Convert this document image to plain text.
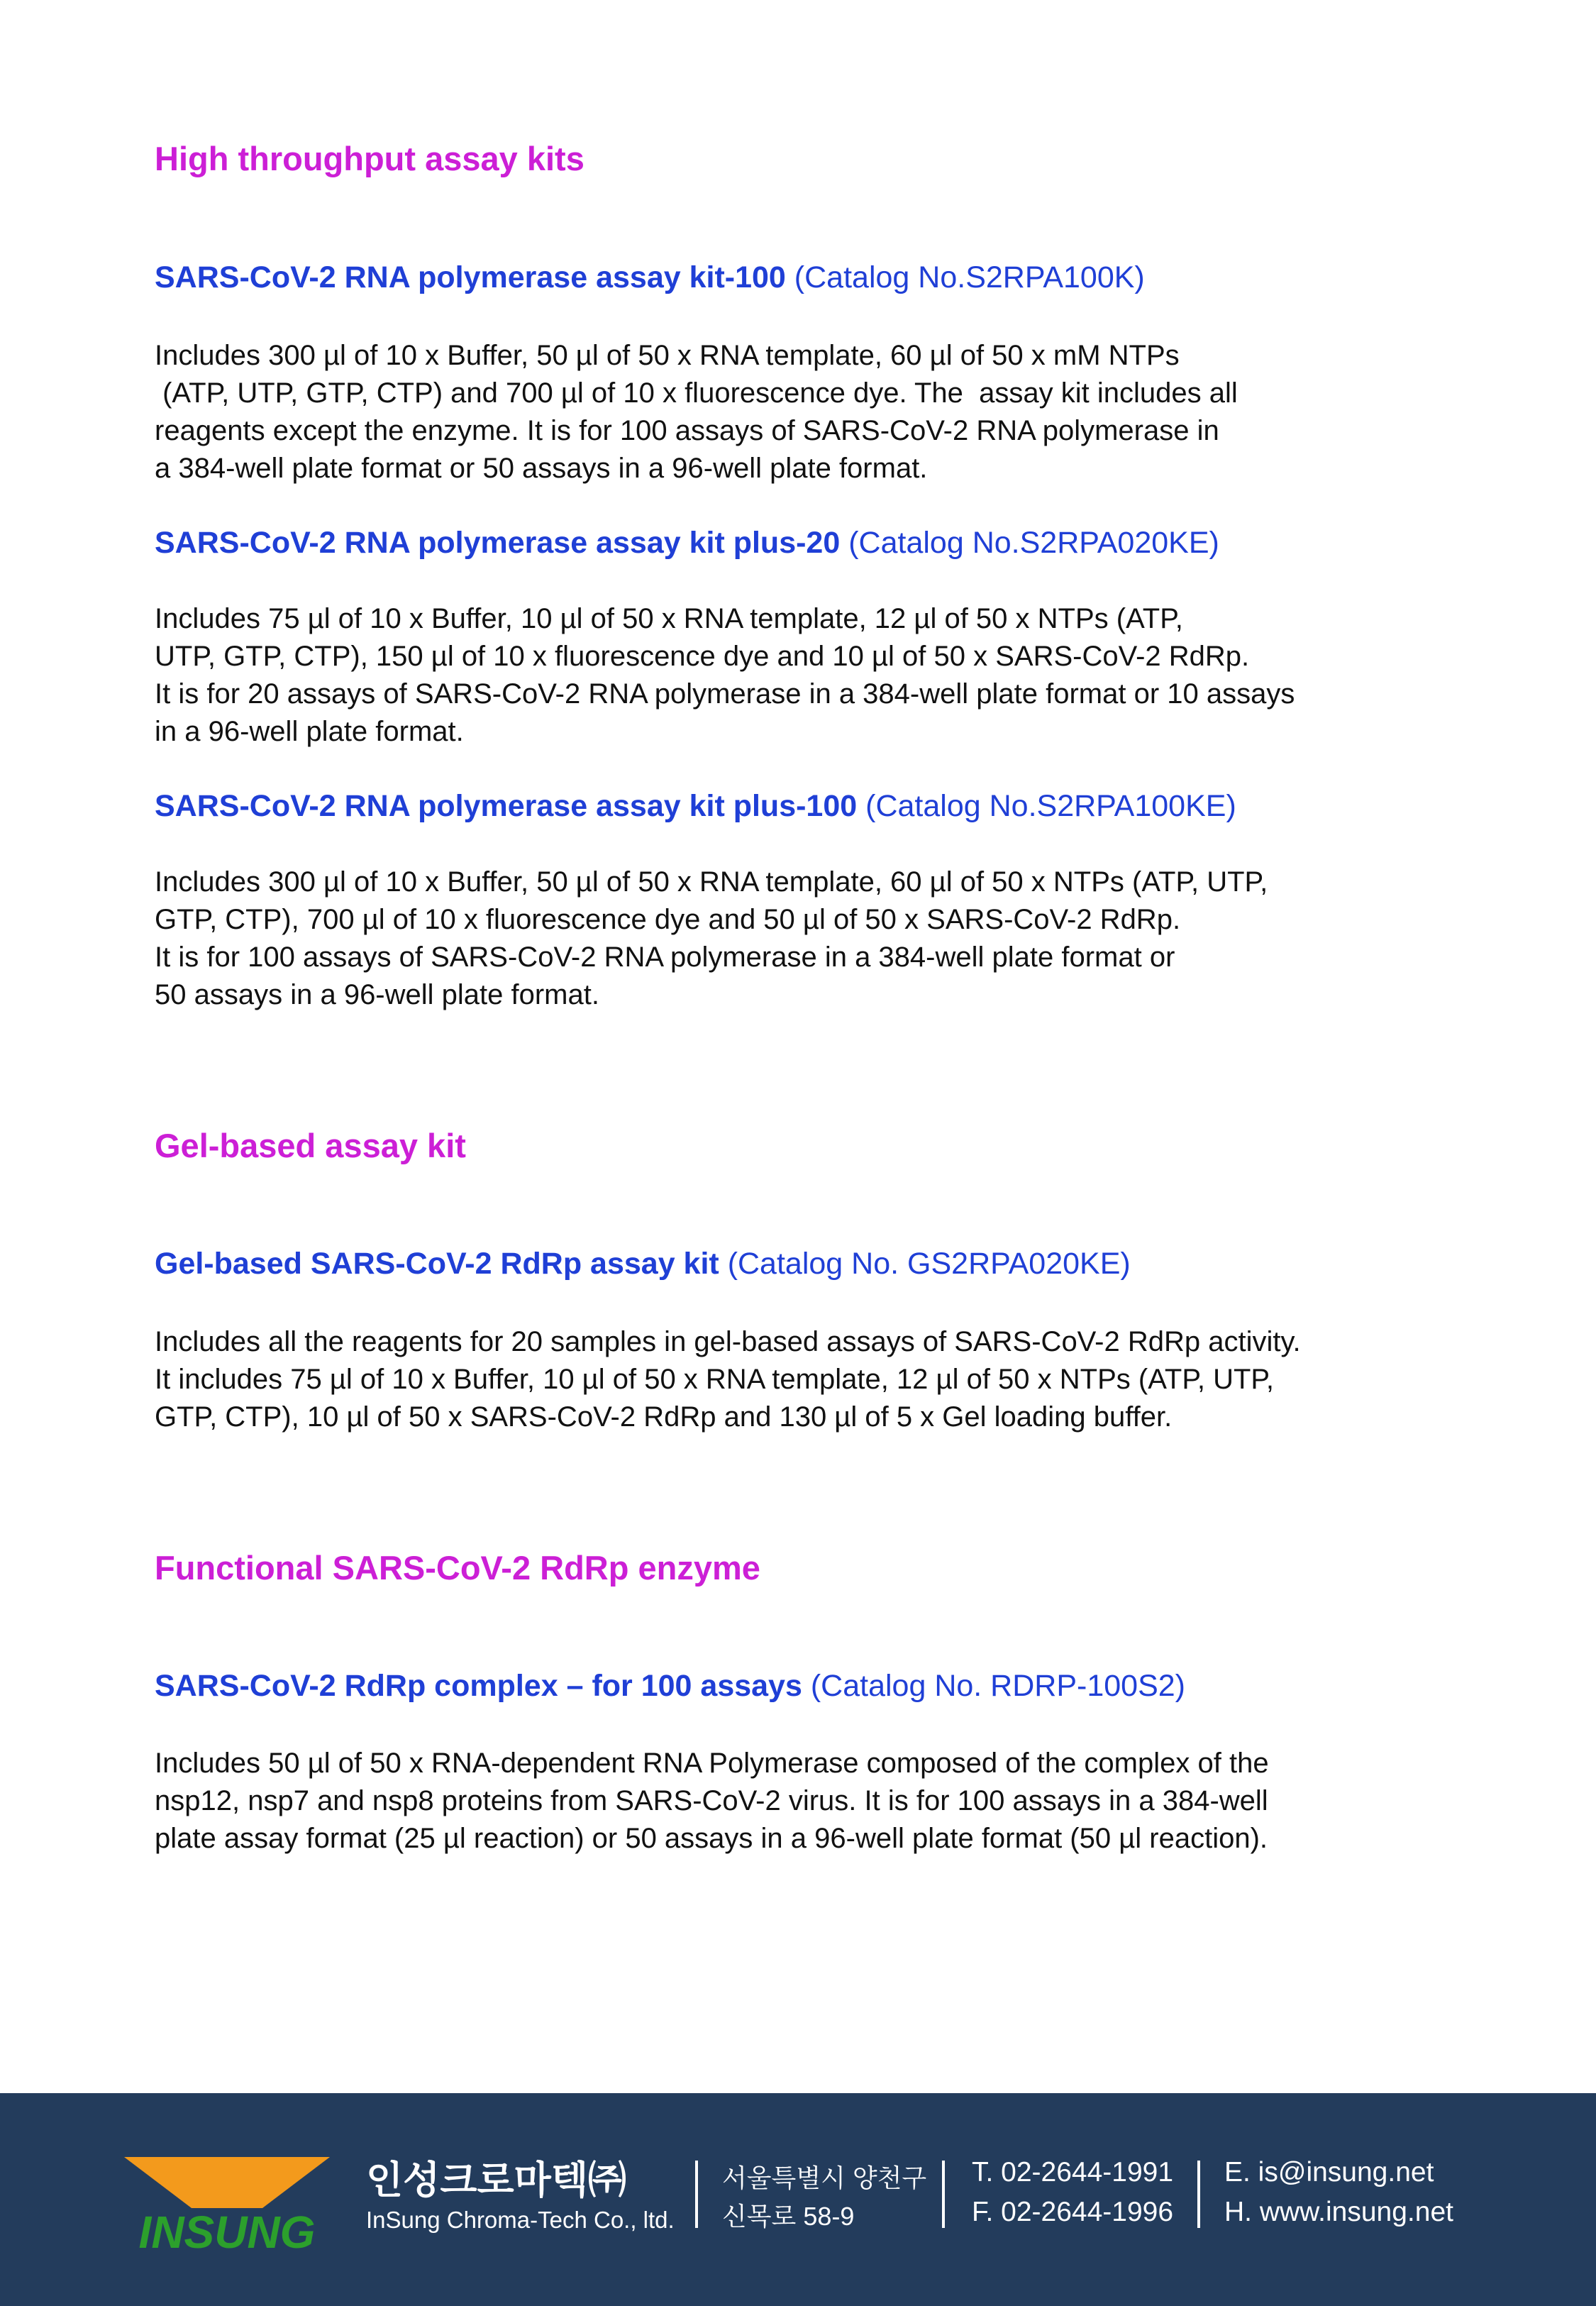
High throughput assay kits
SARS-CoV-2 RNA polymerase assay kit-100 (Catalog No.S2RPA100K)
Includes 300 µl of 10 x Buffer, 50 µl of 50 x RNA template, 60 µl of 50 x mM NTPs
(ATP, UTP, GTP, CTP) and 700 µl of 10 x fluorescence dye. The  assay kit includes all
reagents except the enzyme. It is for 100 assays of SARS-CoV-2 RNA polymerase in
a 384-well plate format or 50 assays in a 96-well plate format.
SARS-CoV-2 RNA polymerase assay kit plus-20 (Catalog No.S2RPA020KE)
Includes 75 µl of 10 x Buffer, 10 µl of 50 x RNA template, 12 µl of 50 x NTPs (ATP,
UTP, GTP, CTP), 150 µl of 10 x fluorescence dye and 10 µl of 50 x SARS-CoV-2 RdRp.
It is for 20 assays of SARS-CoV-2 RNA polymerase in a 384-well plate format or 10 assays
in a 96-well plate format.
SARS-CoV-2 RNA polymerase assay kit plus-100 (Catalog No.S2RPA100KE)
Includes 300 µl of 10 x Buffer, 50 µl of 50 x RNA template, 60 µl of 50 x NTPs (ATP, UTP,
GTP, CTP), 700 µl of 10 x fluorescence dye and 50 µl of 50 x SARS-CoV-2 RdRp.
It is for 100 assays of SARS-CoV-2 RNA polymerase in a 384-well plate format or
50 assays in a 96-well plate format.
Gel-based assay kit
Gel-based SARS-CoV-2 RdRp assay kit (Catalog No. GS2RPA020KE)
Includes all the reagents for 20 samples in gel-based assays of SARS-CoV-2 RdRp activity.
It includes 75 µl of 10 x Buffer, 10 µl of 50 x RNA template, 12 µl of 50 x NTPs (ATP, UTP,
GTP, CTP), 10 µl of 50 x SARS-CoV-2 RdRp and 130 µl of 5 x Gel loading buffer.
Functional SARS-CoV-2 RdRp enzyme
SARS-CoV-2 RdRp complex – for 100 assays (Catalog No. RDRP-100S2)
Includes 50 µl of 50 x RNA-dependent RNA Polymerase composed of the complex of the
nsp12, nsp7 and nsp8 proteins from SARS-CoV-2 virus. It is for 100 assays in a 384-well
plate assay format (25 µl reaction) or 50 assays in a 96-well plate format (50 µl reaction).
INSUNG
인성크로마텍㈜
InSung Chroma-Tech Co., ltd.
서울특별시 양천구
신목로 58-9
T. 02-2644-1991
F. 02-2644-1996
E. is@insung.net
H. www.insung.net
